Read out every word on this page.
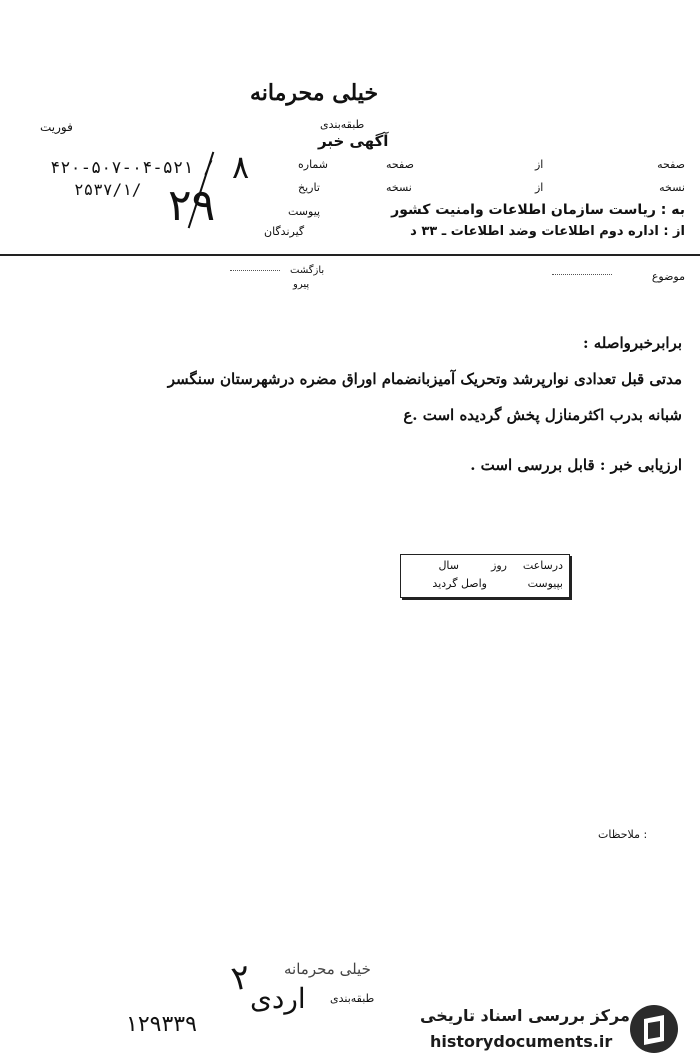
خیلی محرمانه
طبقه‌بندی
آگهی خبر
فوریت
صفحه
از
صفحه
شماره
نسخه
از
نسخه
تاریخ
پیوست
گیرندگان
۴۲۰-۵۰۷-۰۴-۵۲۱ / ۸
۲۵۳۷/۱/ ۲۹	به : ریاست سازمان اطلاعات وامنیت کشور
از : اداره دوم اطلاعات وضد اطلاعات ـ ۳۳ د
موضوع
بازگشت
پیرو
برابرخبرواصله :
مدتی قبل تعدادی نوارپرشد وتحریک آمیزبانضمام اوراق مضره درشهرستان سنگسر
شبانه بدرب اکثرمنازل پخش گردیده است .ع
ارزیابی خبر : قابل بررسی است .
درساعت
روز
سال
بپیوست
واصل گردید
ملاحظات :
خیلی محرمانه
طبقه‌بندی
۲
اردی
۱۲۹۳۳۹	مرکز بررسی اسناد تاریخی
historydocuments.ir
